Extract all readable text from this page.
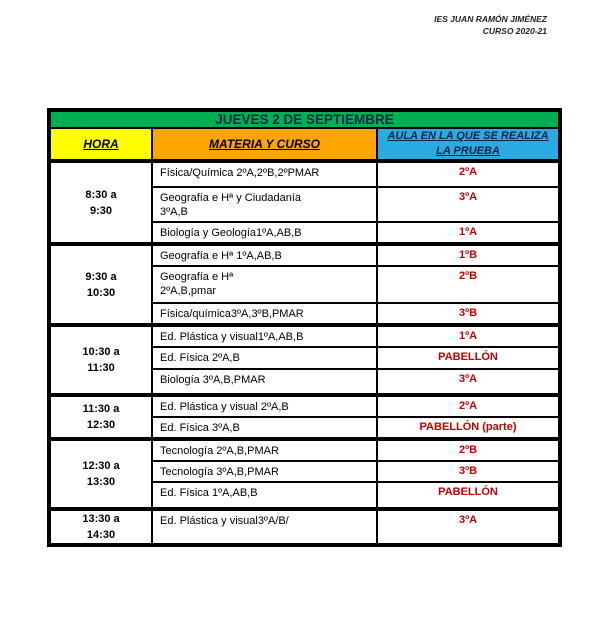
IES JUAN RAMÓN JIMÉNEZ
CURSO 2020-21
JUEVES 2 DE SEPTIEMBRE		
HORA	MATERIA Y CURSO	AULA EN LA QUE SE REALIZA
LA PRUEBA

8:30 a
9:30	Física/Química 2ºA,2ºB,2ºPMAR	2ºA
	Geografía e Hª y Ciudadanía
3ºA,B	3ºA
	Biología y Geología1ºA,AB,B	1ºA

9:30 a
10:30	Geografía e Hª 1ºA,AB,B	1ºB
	Geografía e Hª
2ºA,B,pmar	2ºB
	Física/química3ºA,3ºB,PMAR	3ºB

10:30 a
11:30	Ed. Plástica y visual1ºA,AB,B	1ºA
	Ed. Física 2ºA,B	PABELLÓN
	Biología 3ºA,B,PMAR	3ºA

11:30 a
12:30	Ed. Plástica y visual 2ºA,B	2ºA
	Ed. Física 3ºA,B	PABELLÓN (parte)

12:30 a
13:30	Tecnología 2ºA,B,PMAR	2ºB
	Tecnología 3ºA,B,PMAR	3ºB
	Ed. Física 1ºA,AB,B	PABELLÓN

13:30 a
14:30	Ed. Plástica y visual3ºA/B/	3ºA
